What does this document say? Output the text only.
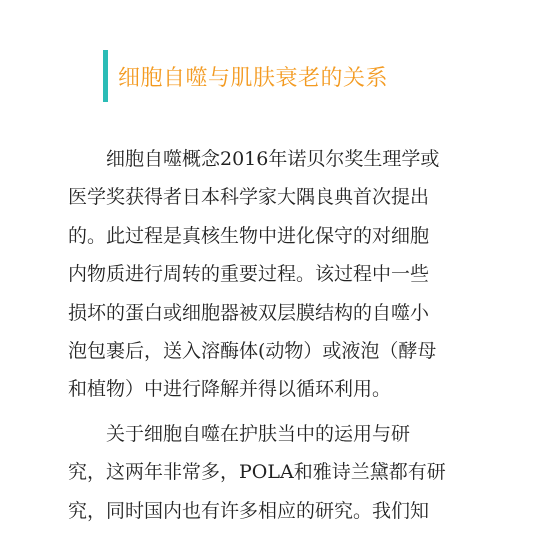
细胞自噬与肌肤衰老的关系
细胞自噬概念2016年诺贝尔奖生理学或
医学奖获得者日本科学家大隅良典首次提出
的。此过程是真核生物中进化保守的对细胞
内物质进行周转的重要过程。该过程中一些
损坏的蛋白或细胞器被双层膜结构的自噬小
泡包裹后，送入溶酶体(动物）或液泡（酵母
和植物）中进行降解并得以循环利用。
关于细胞自噬在护肤当中的运用与研
究，这两年非常多，POLA和雅诗兰黛都有研
究，同时国内也有许多相应的研究。我们知
